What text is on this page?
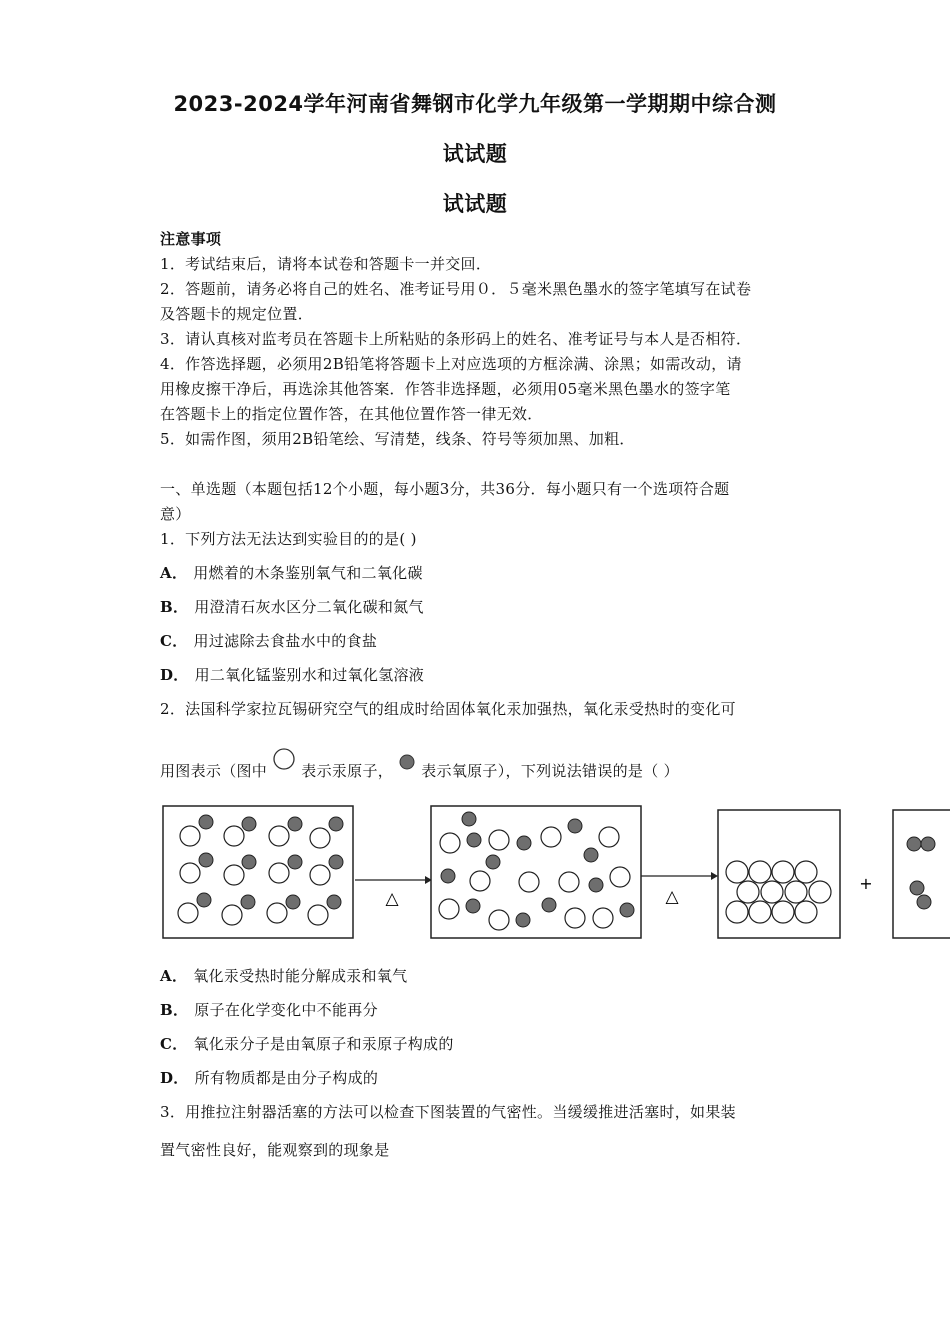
2023-2024学年河南省舞钢市化学九年级第一学期期中综合测
试试题
试试题
注意事项
1．考试结束后，请将本试卷和答题卡一并交回．
2．答题前，请务必将自己的姓名、准考证号用０．５毫米黑色墨水的签字笔填写在试卷
及答题卡的规定位置．
3．请认真核对监考员在答题卡上所粘贴的条形码上的姓名、准考证号与本人是否相符．
4．作答选择题，必须用2B铅笔将答题卡上对应选项的方框涂满、涂黑；如需改动，请
用橡皮擦干净后，再选涂其他答案．作答非选择题，必须用05毫米黑色墨水的签字笔
在答题卡上的指定位置作答，在其他位置作答一律无效．
5．如需作图，须用2B铅笔绘、写清楚，线条、符号等须加黑、加粗．
一、单选题（本题包括12个小题，每小题3分，共36分．每小题只有一个选项符合题
意）
1．下列方法无法达到实验目的的是( )
A． 用燃着的木条鉴别氧气和二氧化碳
B． 用澄清石灰水区分二氧化碳和氮气
C． 用过滤除去食盐水中的食盐
D． 用二氧化锰鉴别水和过氧化氢溶液
2．法国科学家拉瓦锡研究空气的组成时给固体氧化汞加强热，氧化汞受热时的变化可
用图表示（图中 表示汞原子， 表示氧原子），下列说法错误的是（ ）
△	△
+
A． 氧化汞受热时能分解成汞和氧气
B． 原子在化学变化中不能再分
C． 氧化汞分子是由氧原子和汞原子构成的
D． 所有物质都是由分子构成的
3．用推拉注射器活塞的方法可以检查下图装置的气密性。当缓缓推进活塞时，如果装
置气密性良好，能观察到的现象是
